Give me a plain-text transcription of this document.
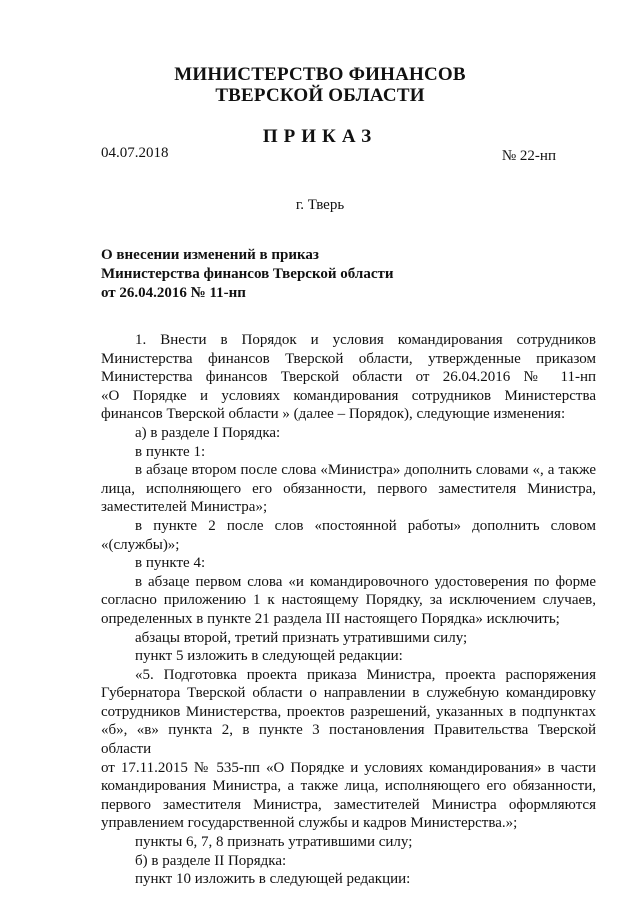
МИНИСТЕРСТВО ФИНАНСОВ
ТВЕРСКОЙ ОБЛАСТИ
ПРИКАЗ
04.07.2018	№ 22-нп
г. Тверь
О внесении изменений в приказ
Министерства финансов Тверской области
от 26.04.2016 № 11-нп

1. Внести в Порядок и условия командирования сотрудников

Министерства финансов Тверской области, утвержденные приказом

Министерства финансов Тверской области от 26.04.2016 № 11-нп

«О Порядке и условиях командирования сотрудников Министерства

финансов Тверской области » (далее – Порядок), следующие изменения:

а) в разделе I Порядка:

в пункте 1:

в абзаце втором после слова «Министра» дополнить словами «, а также

лица, исполняющего его обязанности, первого заместителя Министра,

заместителей Министра»;

в пункте 2 после слов «постоянной работы» дополнить словом

«(службы)»;

в пункте 4:

в абзаце первом слова «и командировочного удостоверения по форме

согласно приложению 1 к настоящему Порядку, за исключением случаев,

определенных в пункте 21 раздела III настоящего Порядка» исключить;

абзацы второй, третий признать утратившими силу;

пункт 5 изложить в следующей редакции:

«5. Подготовка проекта приказа Министра, проекта распоряжения

Губернатора Тверской области о направлении в служебную командировку

сотрудников Министерства, проектов разрешений, указанных в подпунктах

«б», «в» пункта 2, в пункте 3 постановления Правительства Тверской области

от 17.11.2015 № 535-пп «О Порядке и условиях командирования» в части

командирования Министра, а также лица, исполняющего его обязанности,

первого заместителя Министра, заместителей Министра оформляются

управлением государственной службы и кадров Министерства.»;

пункты 6, 7, 8 признать утратившими силу;

б) в разделе II Порядка:

пункт 10 изложить в следующей редакции:
